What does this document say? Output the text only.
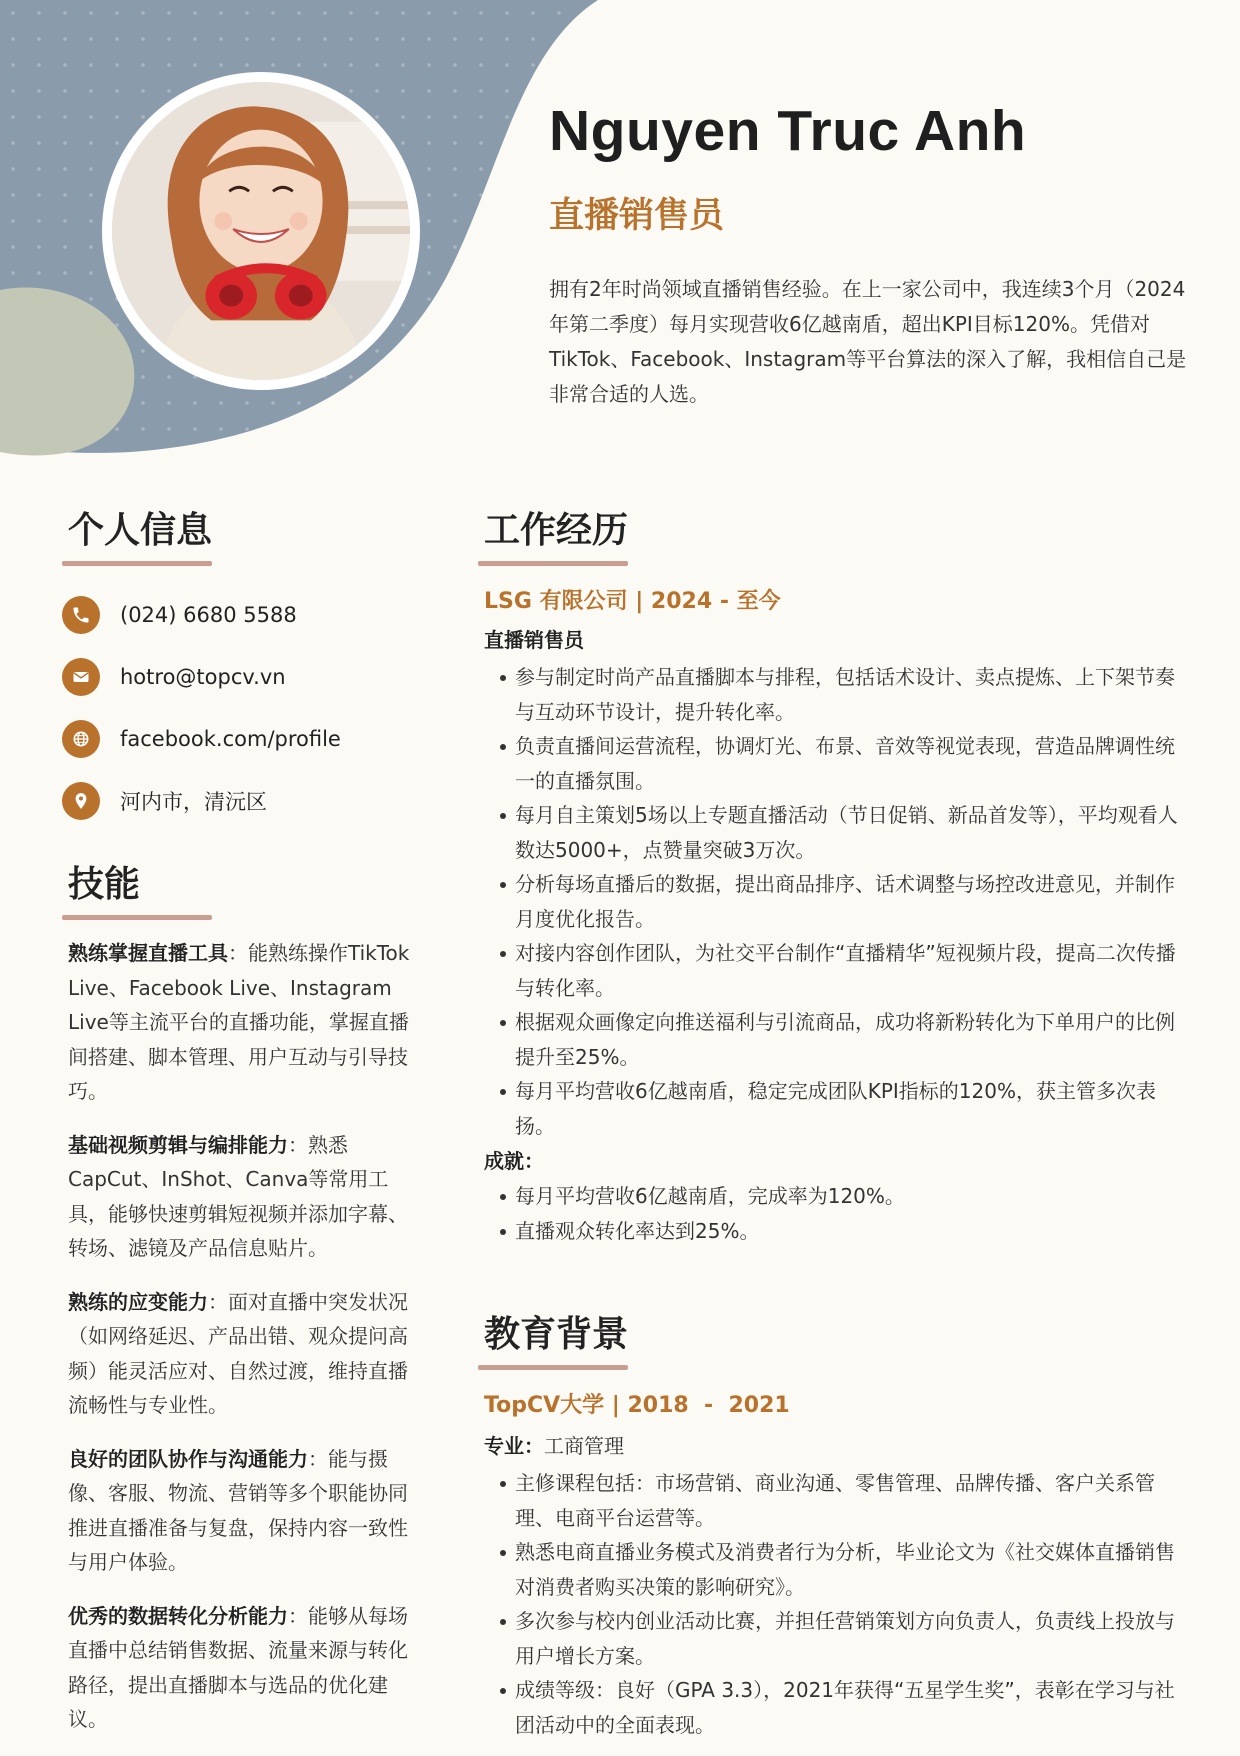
Nguyen Truc Anh
直播销售员

拥有2年时尚领域直播销售经验。在上一家公司中，我连续3个月（2024年第二季度）每月实现营收6亿越南盾，超出KPI目标120%。凭借对TikTok、Facebook、Instagram等平台算法的深入了解，我相信自己是非常合适的人选。

个人信息
(024) 6680 5588
hotro@topcv.vn
facebook.com/profile
河内市，清沅区
技能

熟练掌握直播工具：能熟练操作TikTok Live、Facebook Live、Instagram Live等主流平台的直播功能，掌握直播间搭建、脚本管理、用户互动与引导技巧。

基础视频剪辑与编排能力：熟悉CapCut、InShot、Canva等常用工具，能够快速剪辑短视频并添加字幕、转场、滤镜及产品信息贴片。

熟练的应变能力：面对直播中突发状况（如网络延迟、产品出错、观众提问高频）能灵活应对、自然过渡，维持直播流畅性与专业性。

良好的团队协作与沟通能力：能与摄像、客服、物流、营销等多个职能协同推进直播准备与复盘，保持内容一致性与用户体验。

优秀的数据转化分析能力：能够从每场直播中总结销售数据、流量来源与转化路径，提出直播脚本与选品的优化建议。

工作经历

LSG 有限公司 | 2024 - 至今

直播销售员

参与制定时尚产品直播脚本与排程，包括话术设计、卖点提炼、上下架节奏与互动环节设计，提升转化率。
负责直播间运营流程，协调灯光、布景、音效等视觉表现，营造品牌调性统一的直播氛围。
每月自主策划5场以上专题直播活动（节日促销、新品首发等），平均观看人数达5000+，点赞量突破3万次。
分析每场直播后的数据，提出商品排序、话术调整与场控改进意见，并制作月度优化报告。
对接内容创作团队，为社交平台制作“直播精华”短视频片段，提高二次传播与转化率。
根据观众画像定向推送福利与引流商品，成功将新粉转化为下单用户的比例提升至25%。
每月平均营收6亿越南盾，稳定完成团队KPI指标的120%，获主管多次表扬。

成就：

每月平均营收6亿越南盾，完成率为120%。
直播观众转化率达到25%。
教育背景

TopCV大学 | 2018  -  2021

专业：工商管理

主修课程包括：市场营销、商业沟通、零售管理、品牌传播、客户关系管理、电商平台运营等。
熟悉电商直播业务模式及消费者行为分析，毕业论文为《社交媒体直播销售对消费者购买决策的影响研究》。
多次参与校内创业活动比赛，并担任营销策划方向负责人，负责线上投放与用户增长方案。
成绩等级：良好（GPA 3.3），2021年获得“五星学生奖”，表彰在学习与社团活动中的全面表现。
